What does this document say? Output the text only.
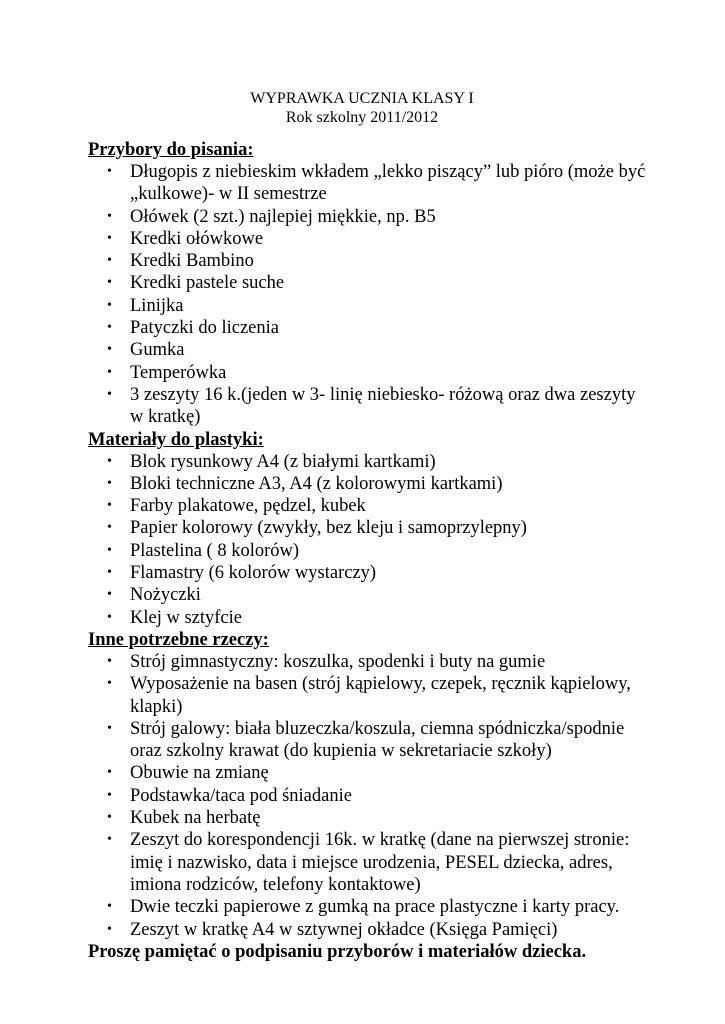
WYPRAWKA UCZNIA KLASY I
Rok szkolny 2011/2012

Przybory do pisania:

• Długopis z niebieskim wkładem „lekko piszący” lub pióro (może być „kulkowe)- w II semestrze
• Ołówek (2 szt.) najlepiej miękkie, np. B5
• Kredki ołówkowe
• Kredki Bambino
• Kredki pastele suche
• Linijka
• Patyczki do liczenia
• Gumka
• Temperówka
• 3 zeszyty 16 k.(jeden w 3- linię niebiesko- różową oraz dwa zeszyty w kratkę)

Materiały do plastyki:

• Blok rysunkowy A4 (z białymi kartkami)
• Bloki techniczne A3, A4 (z kolorowymi kartkami)
• Farby plakatowe, pędzel, kubek
• Papier kolorowy (zwykły, bez kleju i samoprzylepny)
• Plastelina ( 8 kolorów)
• Flamastry (6 kolorów wystarczy)
• Nożyczki
• Klej w sztyfcie

Inne potrzebne rzeczy:

• Strój gimnastyczny: koszulka, spodenki i buty na gumie
• Wyposażenie na basen (strój kąpielowy, czepek, ręcznik kąpielowy, klapki)
• Strój galowy: biała bluzeczka/koszula, ciemna spódniczka/spodnie oraz szkolny krawat (do kupienia w sekretariacie szkoły)
• Obuwie na zmianę
• Podstawka/taca pod śniadanie
• Kubek na herbatę
• Zeszyt do korespondencji 16k. w kratkę (dane na pierwszej stronie: imię i nazwisko, data i miejsce urodzenia, PESEL dziecka, adres, imiona rodziców, telefony kontaktowe)
• Dwie teczki papierowe z gumką na prace plastyczne i karty pracy.
• Zeszyt w kratkę A4 w sztywnej okładce (Księga Pamięci)

Proszę pamiętać o podpisaniu przyborów i materiałów dziecka.
